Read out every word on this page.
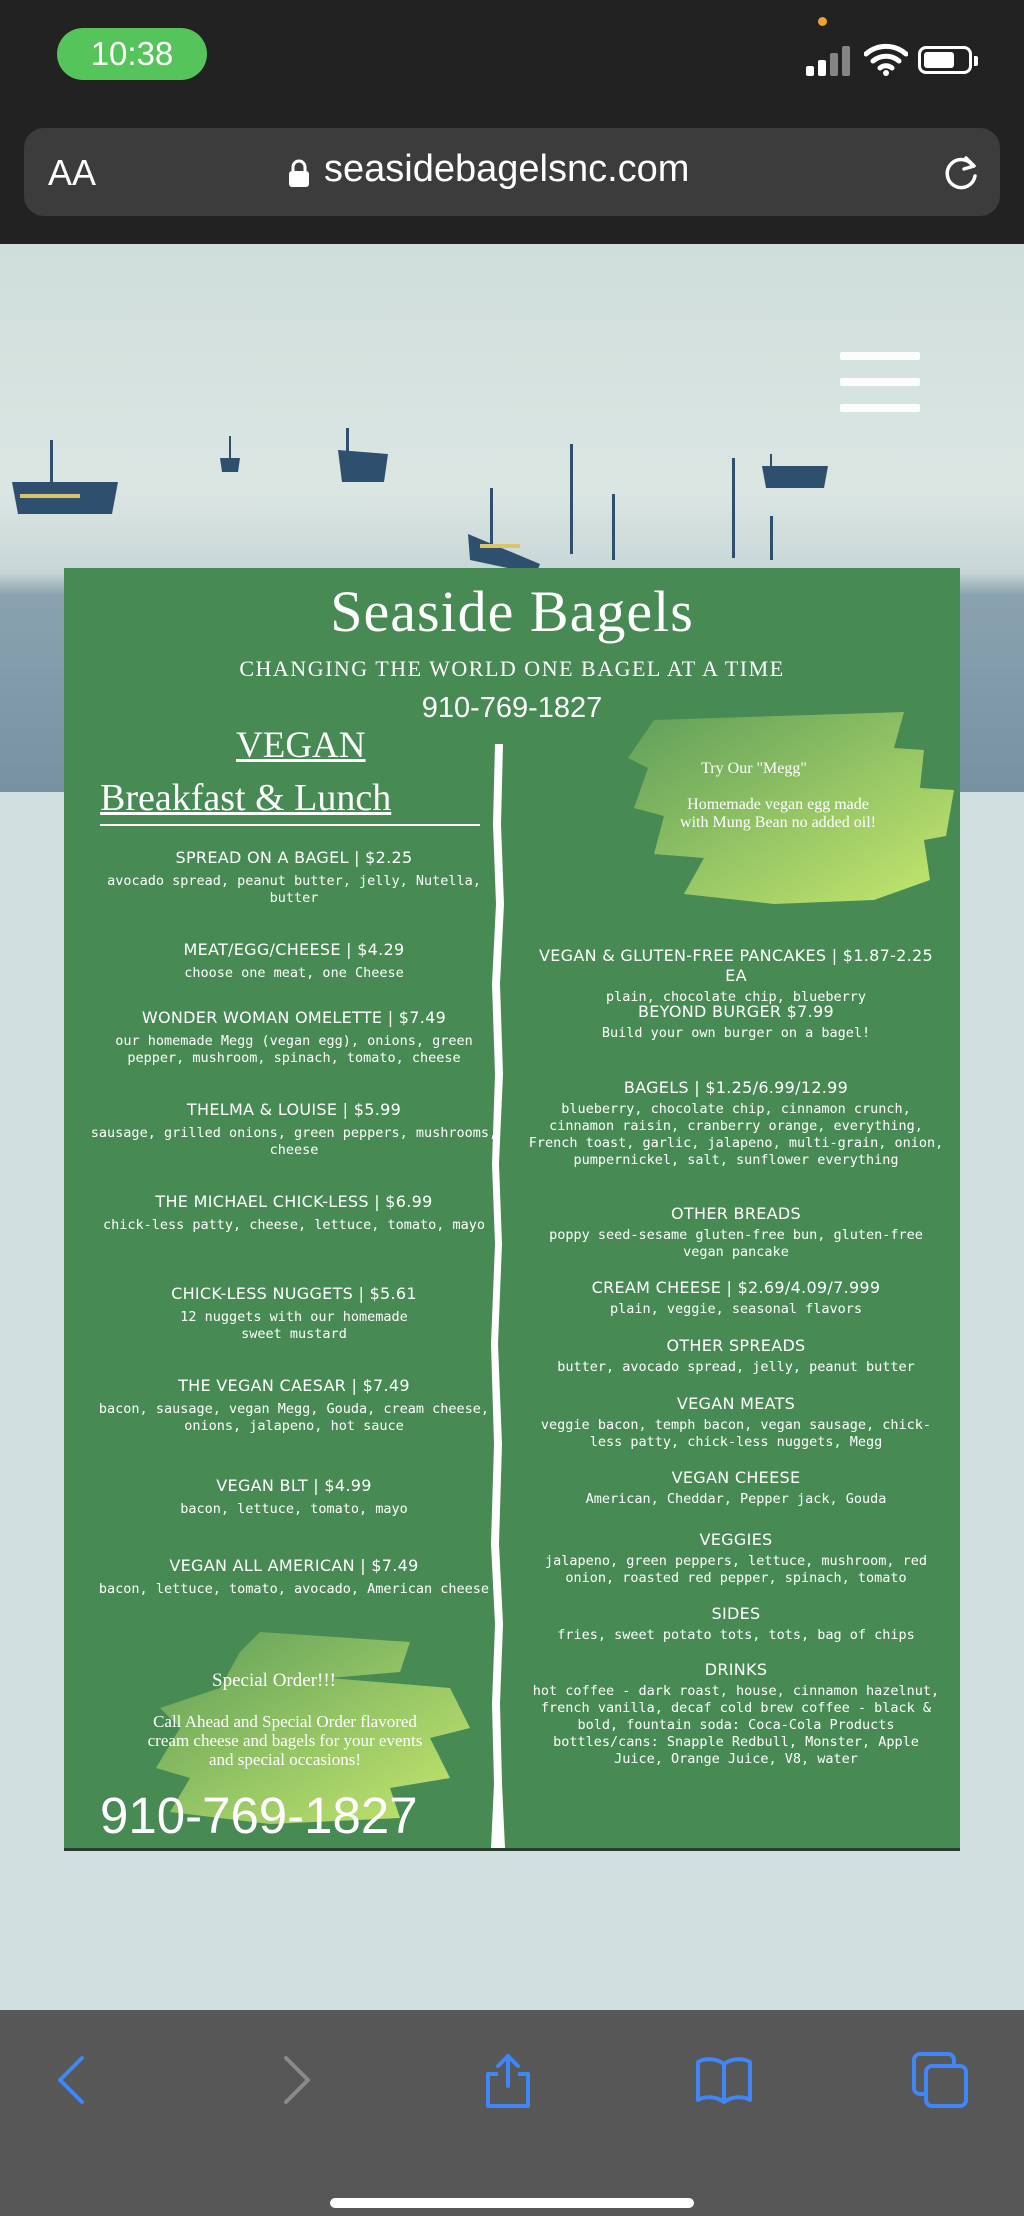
10:38
AA	seasidebagelsnc.com
Seaside Bagels
CHANGING THE WORLD ONE BAGEL AT A TIME
910-769-1827
VEGAN
Breakfast & Lunch
SPREAD ON A BAGEL | $2.25
avocado spread, peanut butter, jelly, Nutella, butter
MEAT/EGG/CHEESE | $4.29
choose one meat, one Cheese
WONDER WOMAN OMELETTE | $7.49
our homemade Megg (vegan egg), onions, green pepper, mushroom, spinach, tomato, cheese
THELMA & LOUISE | $5.99
sausage, grilled onions, green peppers, mushrooms, cheese
THE MICHAEL CHICK-LESS | $6.99
chick-less patty, cheese, lettuce, tomato, mayo
CHICK-LESS NUGGETS | $5.61
12 nuggets with our homemade sweet mustard
THE VEGAN CAESAR | $7.49
bacon, sausage, vegan Megg, Gouda, cream cheese, onions, jalapeno, hot sauce
VEGAN BLT | $4.99
bacon, lettuce, tomato, mayo
VEGAN ALL AMERICAN | $7.49
bacon, lettuce, tomato, avocado, American cheese
Try Our "Megg"
Homemade vegan egg made with Mung Bean no added oil!
VEGAN & GLUTEN-FREE PANCAKES | $1.87-2.25 EA
plain, chocolate chip, blueberry
BEYOND BURGER $7.99
Build your own burger on a bagel!
BAGELS | $1.25/6.99/12.99
blueberry, chocolate chip, cinnamon crunch, cinnamon raisin, cranberry orange, everything, French toast, garlic, jalapeno, multi-grain, onion, pumpernickel, salt, sunflower everything
OTHER BREADS
poppy seed-sesame gluten-free bun, gluten-free vegan pancake
CREAM CHEESE | $2.69/4.09/7.999
plain, veggie, seasonal flavors
OTHER SPREADS
butter, avocado spread, jelly, peanut butter
VEGAN MEATS
veggie bacon, temph bacon, vegan sausage, chick-less patty, chick-less nuggets, Megg
VEGAN CHEESE
American, Cheddar, Pepper jack, Gouda
VEGGIES
jalapeno, green peppers, lettuce, mushroom, red onion, roasted red pepper, spinach, tomato
SIDES
fries, sweet potato tots, tots, bag of chips
DRINKS
hot coffee - dark roast, house, cinnamon hazelnut, french vanilla, decaf cold brew coffee - black & bold, fountain soda: Coca-Cola Products bottles/cans: Snapple Redbull, Monster, Apple Juice, Orange Juice, V8, water
Special Order!!!
Call Ahead and Special Order flavored cream cheese and bagels for your events and special occasions!
910-769-1827
